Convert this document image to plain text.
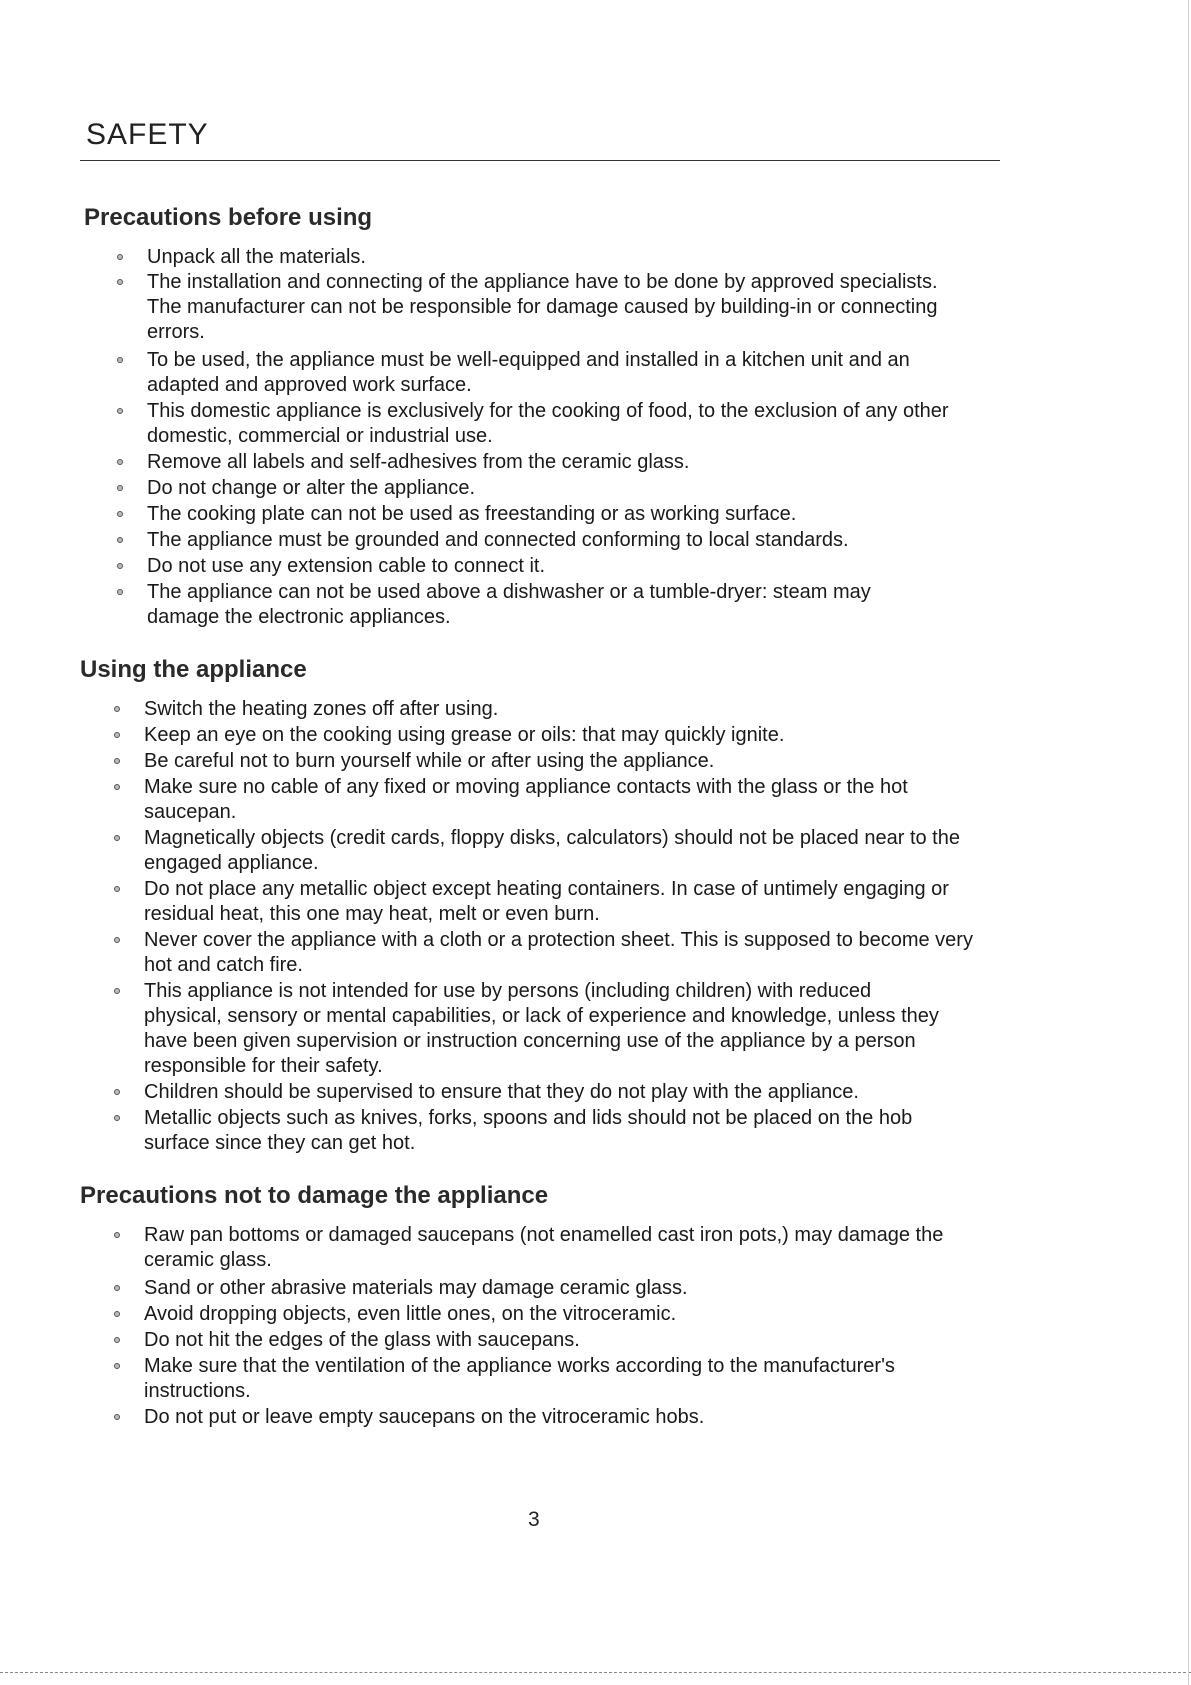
SAFETY
Precautions before using
Unpack all the materials.
The installation and connecting of the appliance have to be done by approved specialists. The manufacturer can not be responsible for damage caused by building-in or connecting errors.
To be used, the appliance must be well-equipped and installed in a kitchen unit and an adapted and approved work surface.
This domestic appliance is exclusively for the cooking of food, to the exclusion of any other domestic, commercial or industrial use.
Remove all labels and self-adhesives from the ceramic glass.
Do not change or alter the appliance.
The cooking plate can not be used as freestanding or as working surface.
The appliance must be grounded and connected conforming to local standards.
Do not use any extension cable to connect it.
The appliance can not be used above a dishwasher or a tumble-dryer: steam may damage the electronic appliances.
Using the appliance
Switch the heating zones off after using.
Keep an eye on the cooking using grease or oils: that may quickly ignite.
Be careful not to burn yourself while or after using the appliance.
Make sure no cable of any fixed or moving appliance contacts with the glass or the hot saucepan.
Magnetically objects (credit cards, floppy disks, calculators) should not be placed near to the engaged appliance.
Do not place any metallic object except heating containers. In case of untimely engaging or residual heat, this one may heat, melt or even burn.
Never cover the appliance with a cloth or a protection sheet. This is supposed to become very hot and catch fire.
This appliance is not intended for use by persons (including children) with reduced physical, sensory or mental capabilities, or lack of experience and knowledge, unless they have been given supervision or instruction concerning use of the appliance by a person responsible for their safety.
Children should be supervised to ensure that they do not play with the appliance.
Metallic objects such as knives, forks, spoons and lids should not be placed on the hob surface since they can get hot.
Precautions not to damage the appliance
Raw pan bottoms or damaged saucepans (not enamelled cast iron pots,) may damage the ceramic glass.
Sand or other abrasive materials may damage ceramic glass.
Avoid dropping objects, even little ones, on the vitroceramic.
Do not hit the edges of the glass with saucepans.
Make sure that the ventilation of the appliance works according to the manufacturer's instructions.
Do not put or leave empty saucepans on the vitroceramic hobs.
3
